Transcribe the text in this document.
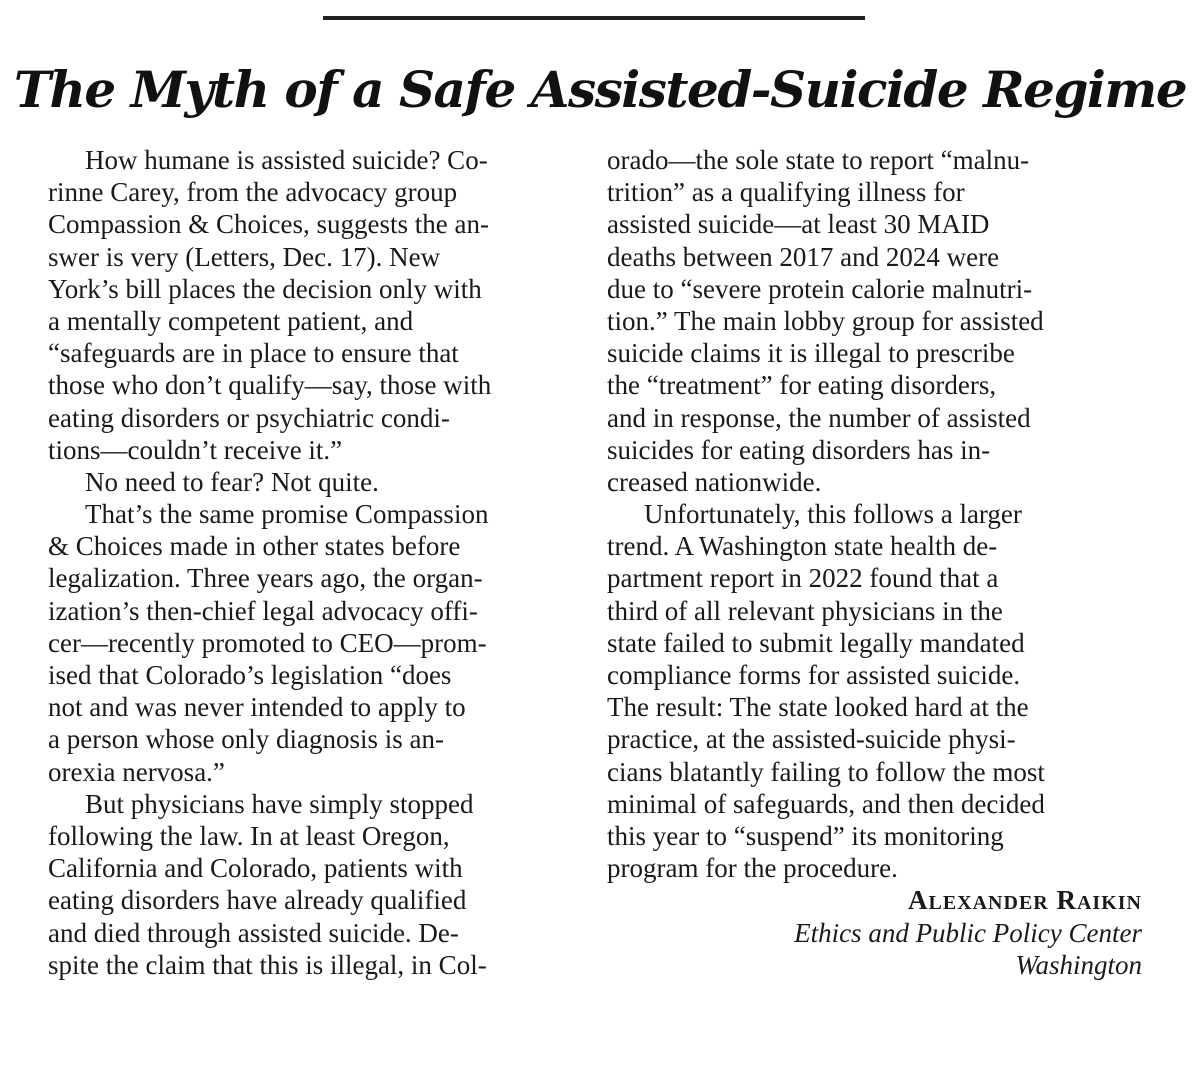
The Myth of a Safe Assisted-Suicide Regime
How humane is assisted suicide? Co-
rinne Carey, from the advocacy group
Compassion & Choices, suggests the an-
swer is very (Letters, Dec. 17). New
York’s bill places the decision only with
a mentally competent patient, and
“safeguards are in place to ensure that
those who don’t qualify—say, those with
eating disorders or psychiatric condi-
tions—couldn’t receive it.”
No need to fear? Not quite.
That’s the same promise Compassion
& Choices made in other states before
legalization. Three years ago, the organ-
ization’s then-chief legal advocacy offi-
cer—recently promoted to CEO—prom-
ised that Colorado’s legislation “does
not and was never intended to apply to
a person whose only diagnosis is an-
orexia nervosa.”
But physicians have simply stopped
following the law. In at least Oregon,
California and Colorado, patients with
eating disorders have already qualified
and died through assisted suicide. De-
spite the claim that this is illegal, in Col-
orado—the sole state to report “malnu-
trition” as a qualifying illness for
assisted suicide—at least 30 MAID
deaths between 2017 and 2024 were
due to “severe protein calorie malnutri-
tion.” The main lobby group for assisted
suicide claims it is illegal to prescribe
the “treatment” for eating disorders,
and in response, the number of assisted
suicides for eating disorders has in-
creased nationwide.
Unfortunately, this follows a larger
trend. A Washington state health de-
partment report in 2022 found that a
third of all relevant physicians in the
state failed to submit legally mandated
compliance forms for assisted suicide.
The result: The state looked hard at the
practice, at the assisted-suicide physi-
cians blatantly failing to follow the most
minimal of safeguards, and then decided
this year to “suspend” its monitoring
program for the procedure.
ALEXANDER RAIKIN
Ethics and Public Policy Center
Washington
